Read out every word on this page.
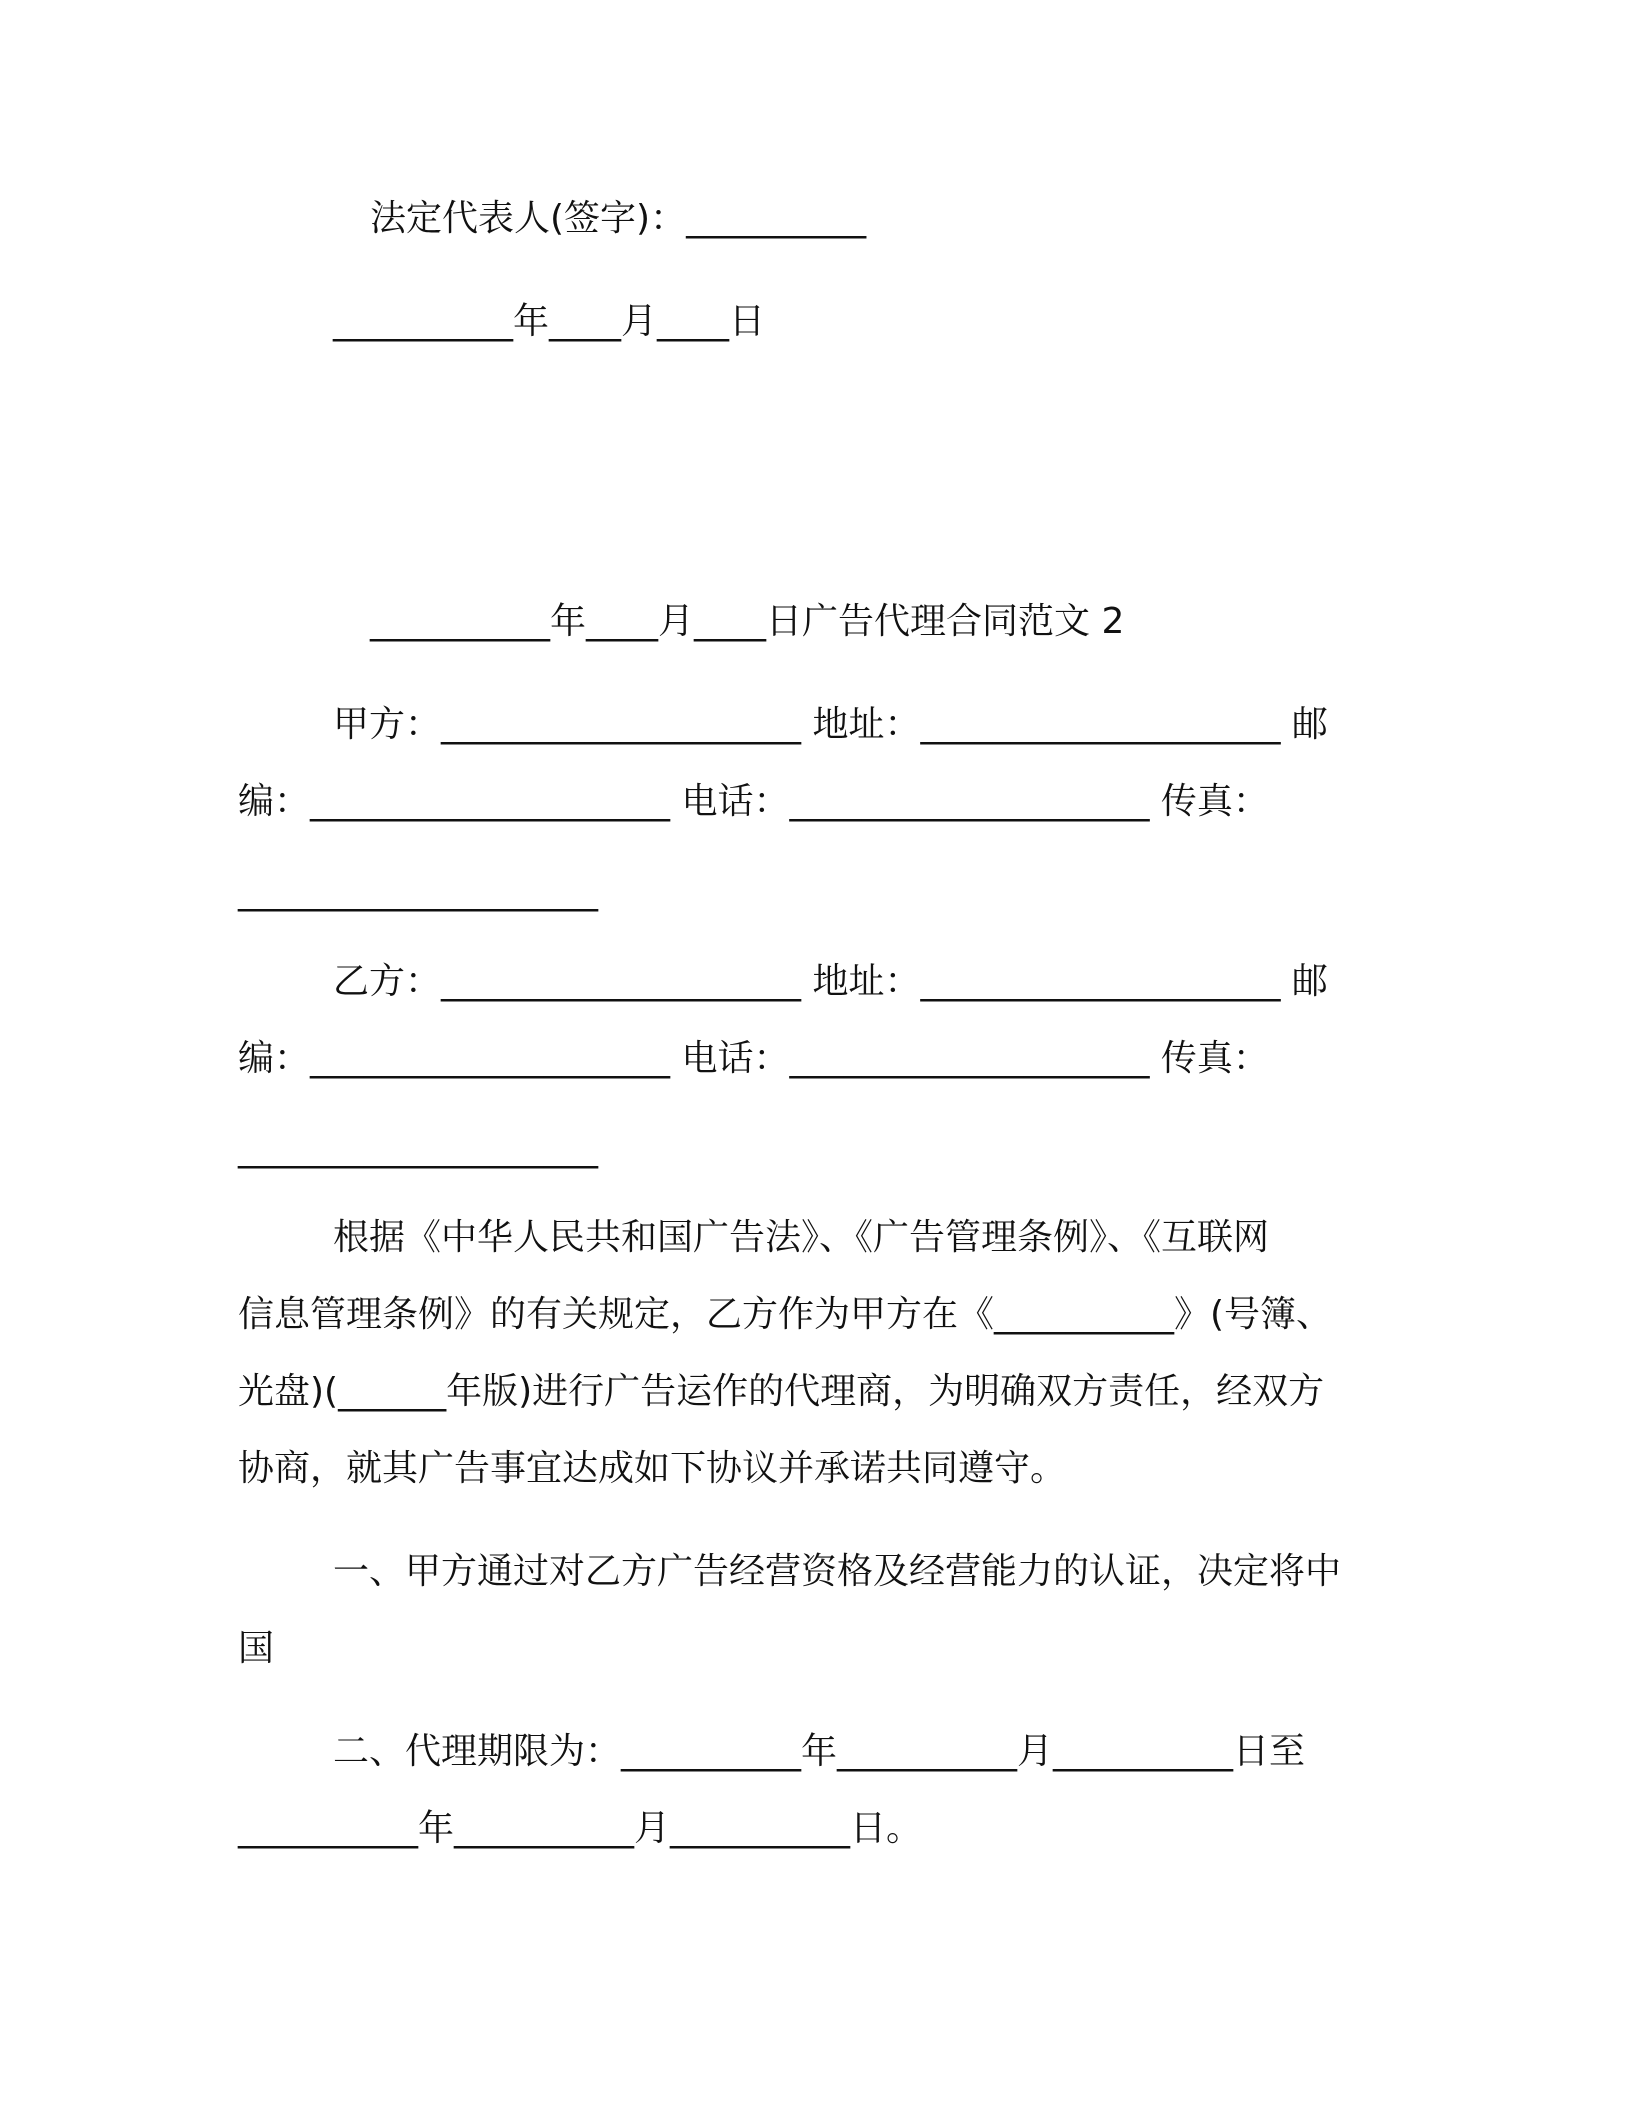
法定代表人(签字)：__________
__________年____月____日
__________年____月____日广告代理合同范文 2
甲方：____________________ 地址：____________________ 邮
编：____________________ 电话：____________________ 传真：
____________________
乙方：____________________ 地址：____________________ 邮
编：____________________ 电话：____________________ 传真：
____________________
根据《中华人民共和国广告法》、《广告管理条例》、《互联网
信息管理条例》的有关规定，乙方作为甲方在《__________》(号簿、
光盘)(______年版)进行广告运作的代理商，为明确双方责任，经双方
协商，就其广告事宜达成如下协议并承诺共同遵守。
一、甲方通过对乙方广告经营资格及经营能力的认证，决定将中
国
二、代理期限为：__________年__________月__________日至
__________年__________月__________日。
